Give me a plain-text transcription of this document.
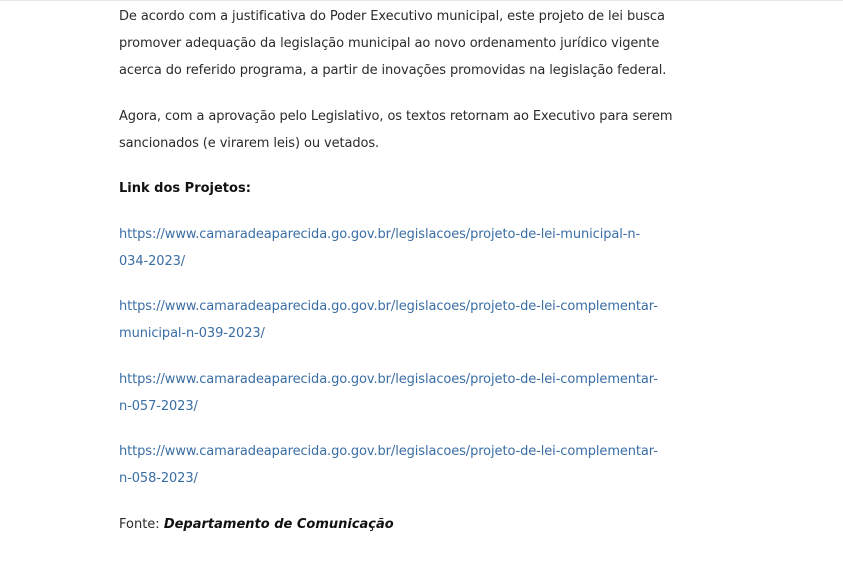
De acordo com a justificativa do Poder Executivo municipal, este projeto de lei busca
promover adequação da legislação municipal ao novo ordenamento jurídico vigente
acerca do referido programa, a partir de inovações promovidas na legislação federal.

Agora, com a aprovação pelo Legislativo, os textos retornam ao Executivo para serem
sancionados (e virarem leis) ou vetados.

Link dos Projetos:

https://www.camaradeaparecida.go.gov.br/legislacoes/projeto-de-lei-municipal-n-
034-2023/
https://www.camaradeaparecida.go.gov.br/legislacoes/projeto-de-lei-complementar-
municipal-n-039-2023/
https://www.camaradeaparecida.go.gov.br/legislacoes/projeto-de-lei-complementar-
n-057-2023/
https://www.camaradeaparecida.go.gov.br/legislacoes/projeto-de-lei-complementar-
n-058-2023/

Fonte: Departamento de Comunicação
